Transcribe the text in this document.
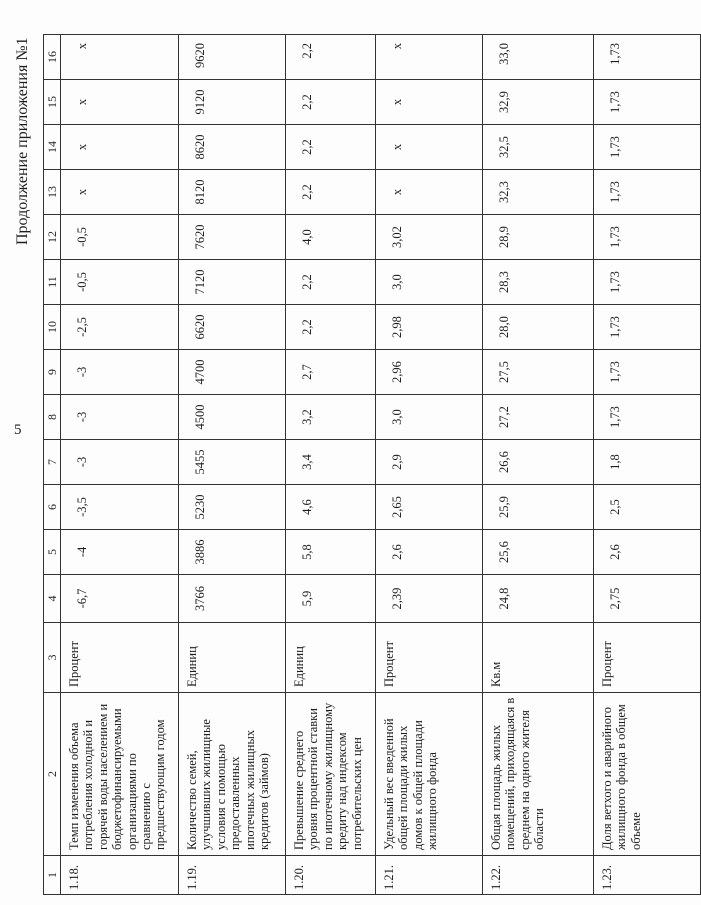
5
Продолжение приложения №1
1	2	3	4	5	6	7	8	9	10	11	12	13	14	15	16
1.18.	Темп изменения объема потребления холодной и горячей воды населением и бюджетофинансируемыми организациями по сравнению с предшествующим годом	Процент	-6,7	-4	-3,5	-3	-3	-3	-2,5	-0,5	-0,5	x	x	x	x
1.19.	Количество семей, улучшивших жилищные условия с помощью предоставленных ипотечных жилищных кредитов (займов)	Единиц	3766	3886	5230	5455	4500	4700	6620	7120	7620	8120	8620	9120	9620
1.20.	Превышение среднего уровня процентной ставки по ипотечному жилищному кредиту над индексом потребительских цен	Единиц	5,9	5,8	4,6	3,4	3,2	2,7	2,2	2,2	4,0	2,2	2,2	2,2	2,2
1.21.	Удельный вес введенной общей площади жилых домов к общей площади жилищного фонда	Процент	2,39	2,6	2,65	2,9	3,0	2,96	2,98	3,0	3,02	x	x	x	x
1.22.	Общая площадь жилых помещений, приходящаяся в среднем на одного жителя области	Кв.м	24,8	25,6	25,9	26,6	27,2	27,5	28,0	28,3	28,9	32,3	32,5	32,9	33,0
1.23.	Доля ветхого и аварийного жилищного фонда в общем объеме	Процент	2,75	2,6	2,5	1,8	1,73	1,73	1,73	1,73	1,73	1,73	1,73	1,73	1,73
